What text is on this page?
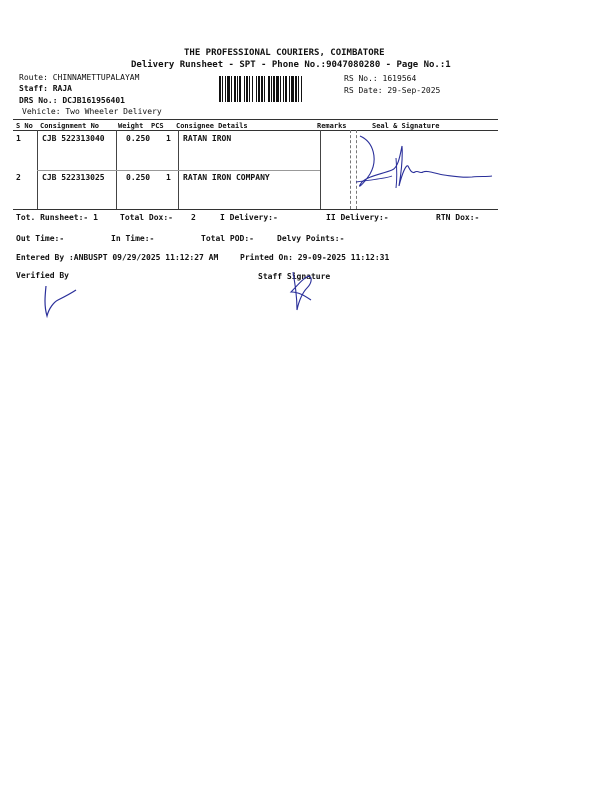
THE PROFESSIONAL COURIERS, COIMBATORE
Delivery Runsheet - SPT - Phone No.:9047080280 - Page No.:1
Route: CHINNAMETTUPALAYAM
Staff: RAJA
DRS No.: DCJB161956401
Vehicle: Two Wheeler Delivery
RS No.: 1619564
RS Date: 29-Sep-2025
S No Consignment No	Weight PCS Consignee Details	Remarks	Seal & Signature
1	CJB 522313040	0.250 1 RATAN IRON
2	CJB 522313025	0.250 1 RATAN IRON COMPANY
Tot. Runsheet:- 1	Total Dox:- 2	I Delivery:-	II Delivery:-	RTN Dox:-
Out Time:-	In Time:-	Total POD:-	Delvy Points:-
Entered By :ANBUSPT 09/29/2025 11:12:27 AM	Printed On: 29-09-2025 11:12:31
Verified By	Staff Signature
